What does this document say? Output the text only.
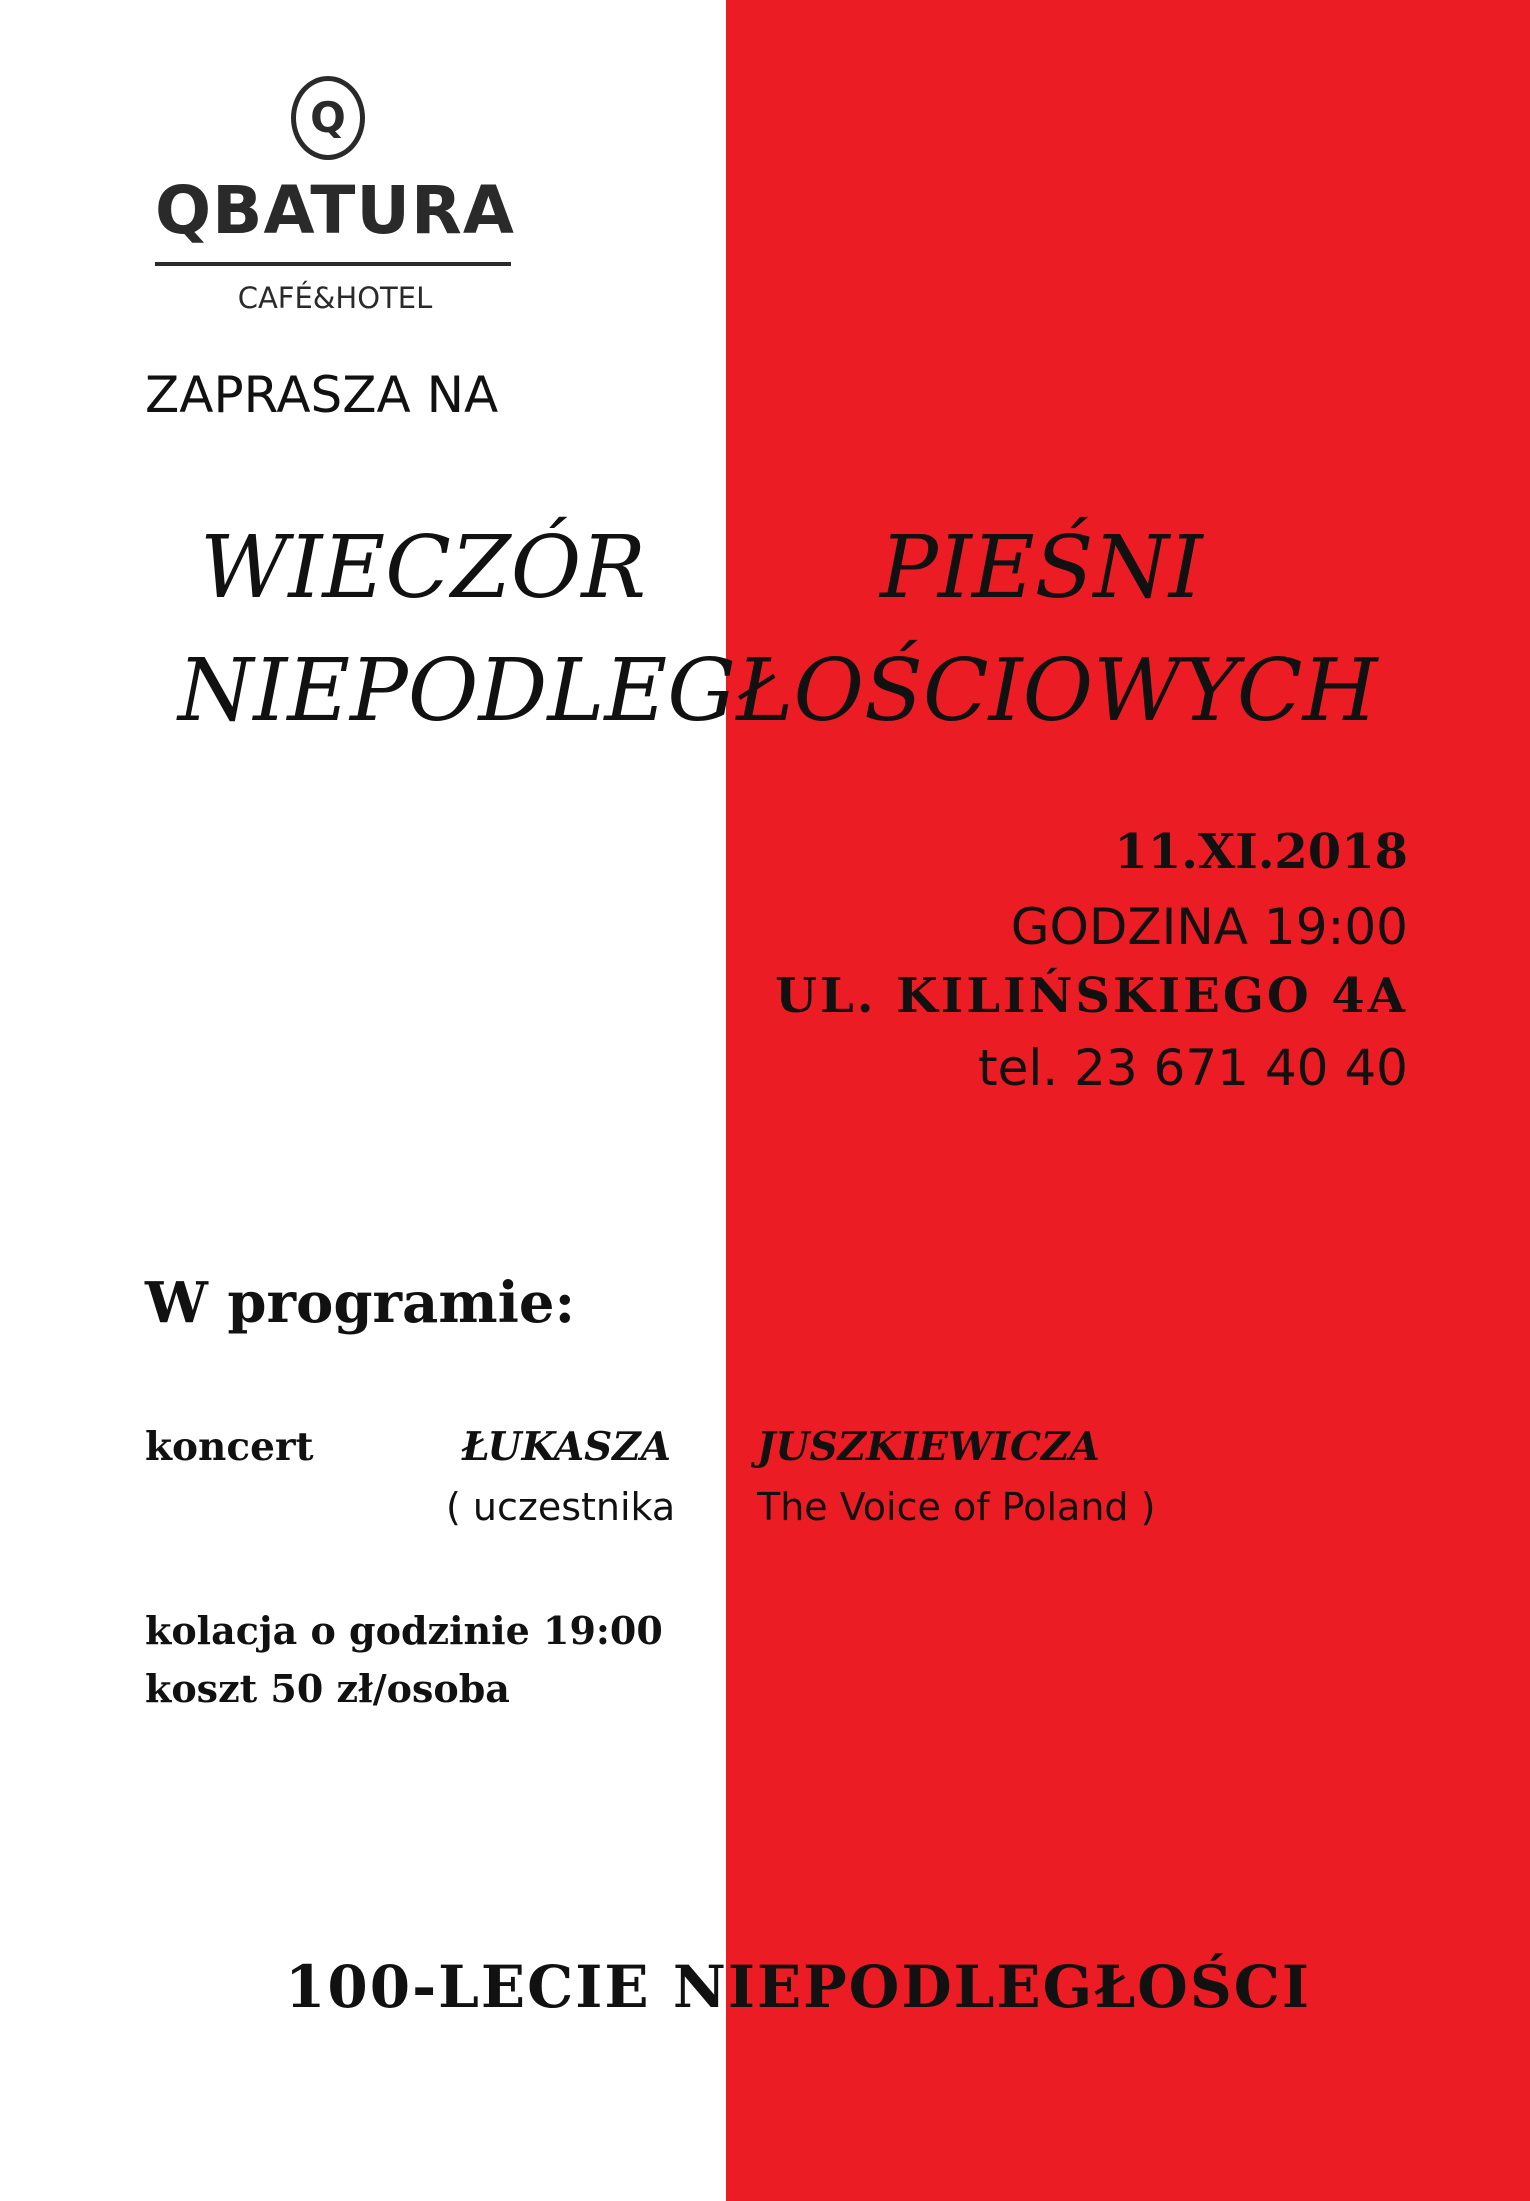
Q
QBATURA
CAFÉ&HOTEL
ZAPRASZA NA
WIECZÓR	PIEŚNI
NIEPODLEGŁOŚCIOWYCH
11.XI.2018
GODZINA 19:00
UL. KILIŃSKIEGO 4A
tel. 23 671 40 40
W programie:
koncert	ŁUKASZA JUSZKIEWICZA
( uczestnika The Voice of Poland )
kolacja o godzinie 19:00
koszt 50 zł/osoba
100-LECIE NIEPODLEGŁOŚCI
